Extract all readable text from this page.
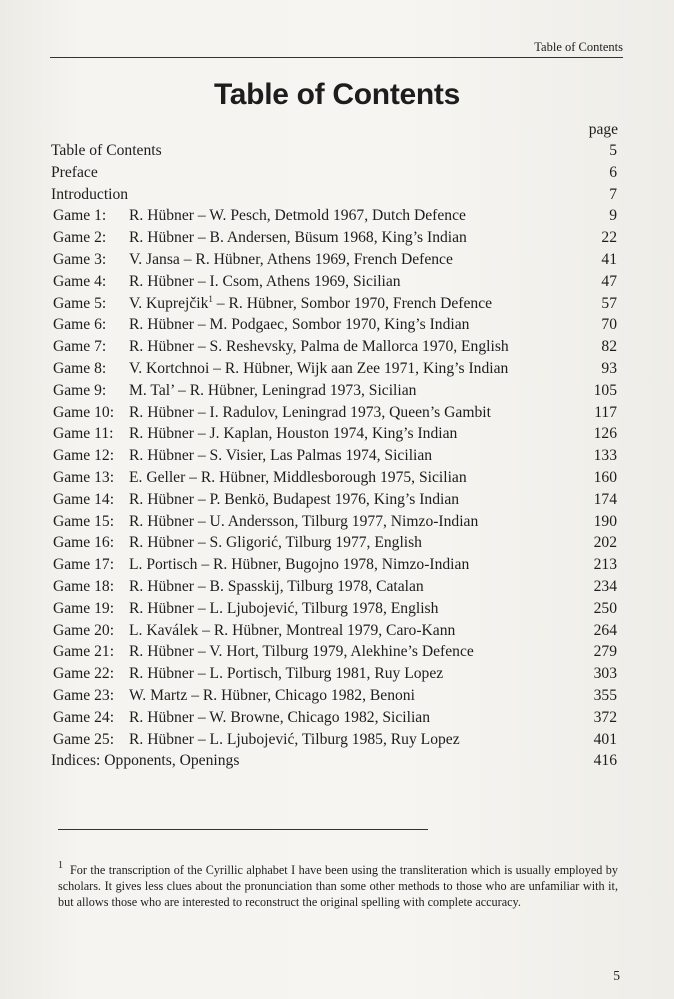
Table of Contents
Table of Contents
page
Table of Contents	5
Preface	6
Introduction	7
Game 1: R. Hübner – W. Pesch, Detmold 1967, Dutch Defence	9
Game 2: R. Hübner – B. Andersen, Büsum 1968, King’s Indian	22
Game 3: V. Jansa – R. Hübner, Athens 1969, French Defence	41
Game 4: R. Hübner – I. Csom, Athens 1969, Sicilian	47
Game 5: V. Kuprejčik$^1$ – R. Hübner, Sombor 1970, French Defence	57
Game 6: R. Hübner – M. Podgaec, Sombor 1970, King’s Indian	70
Game 7: R. Hübner – S. Reshevsky, Palma de Mallorca 1970, English	82
Game 8: V. Kortchnoi – R. Hübner, Wijk aan Zee 1971, King’s Indian	93
Game 9: M. Tal’ – R. Hübner, Leningrad 1973, Sicilian	105
Game 10: R. Hübner – I. Radulov, Leningrad 1973, Queen’s Gambit	117
Game 11: R. Hübner – J. Kaplan, Houston 1974, King’s Indian	126
Game 12: R. Hübner – S. Visier, Las Palmas 1974, Sicilian	133
Game 13: E. Geller – R. Hübner, Middlesborough 1975, Sicilian	160
Game 14: R. Hübner – P. Benkö, Budapest 1976, King’s Indian	174
Game 15: R. Hübner – U. Andersson, Tilburg 1977, Nimzo-Indian	190
Game 16: R. Hübner – S. Gligorić, Tilburg 1977, English	202
Game 17: L. Portisch – R. Hübner, Bugojno 1978, Nimzo-Indian	213
Game 18: R. Hübner – B. Spasskij, Tilburg 1978, Catalan	234
Game 19: R. Hübner – L. Ljubojević, Tilburg 1978, English	250
Game 20: L. Kaválek – R. Hübner, Montreal 1979, Caro-Kann	264
Game 21: R. Hübner – V. Hort, Tilburg 1979, Alekhine’s Defence	279
Game 22: R. Hübner – L. Portisch, Tilburg 1981, Ruy Lopez	303
Game 23: W. Martz – R. Hübner, Chicago 1982, Benoni	355
Game 24: R. Hübner – W. Browne, Chicago 1982, Sicilian	372
Game 25: R. Hübner – L. Ljubojević, Tilburg 1985, Ruy Lopez	401
Indices: Opponents, Openings	416
1 For the transcription of the Cyrillic alphabet I have been using the transliteration which is usually employed by scholars. It gives less clues about the pronunciation than some other methods to those who are unfamiliar with it, but allows those who are interested to reconstruct the original spelling with complete accuracy.
5
